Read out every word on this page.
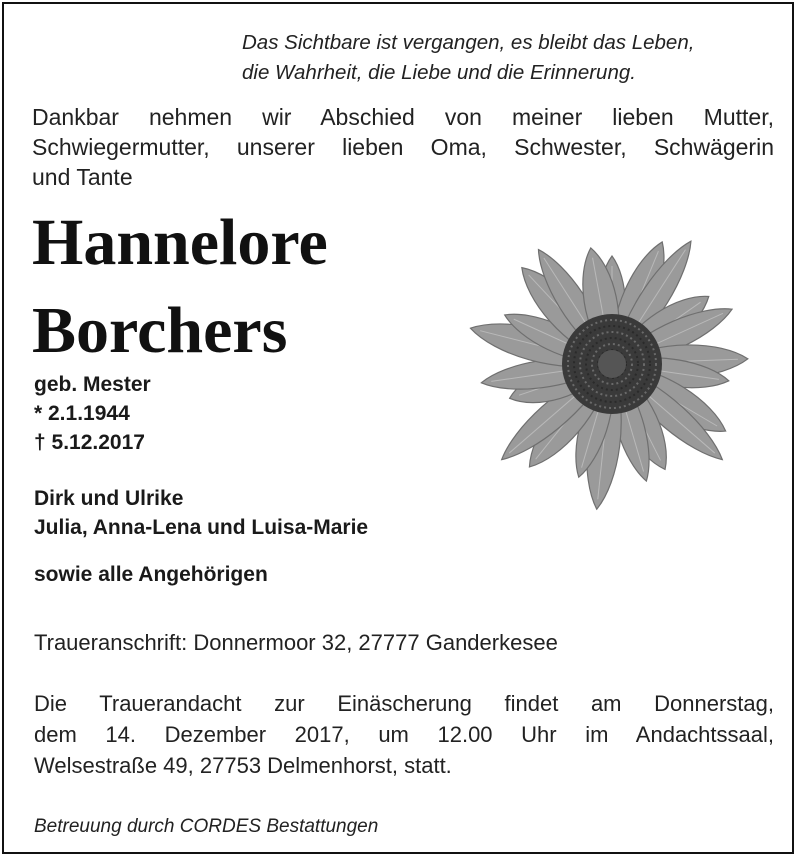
Das Sichtbare ist vergangen, es bleibt das Leben,
die Wahrheit, die Liebe und die Erinnerung.
Dankbar nehmen wir Abschied von meiner lieben Mutter,
Schwiegermutter, unserer lieben Oma, Schwester, Schwägerin
und Tante
Hannelore
Borchers
geb. Mester
* 2.1.1944
† 5.12.2017
Dirk und Ulrike
Julia, Anna-Lena und Luisa-Marie
sowie alle Angehörigen
Traueranschrift: Donnermoor 32, 27777 Ganderkesee
Die Trauerandacht zur Einäscherung findet am Donnerstag,
dem 14. Dezember 2017, um 12.00 Uhr im Andachtssaal,
Welsestraße 49, 27753 Delmenhorst, statt.
Betreuung durch CORDES Bestattungen
